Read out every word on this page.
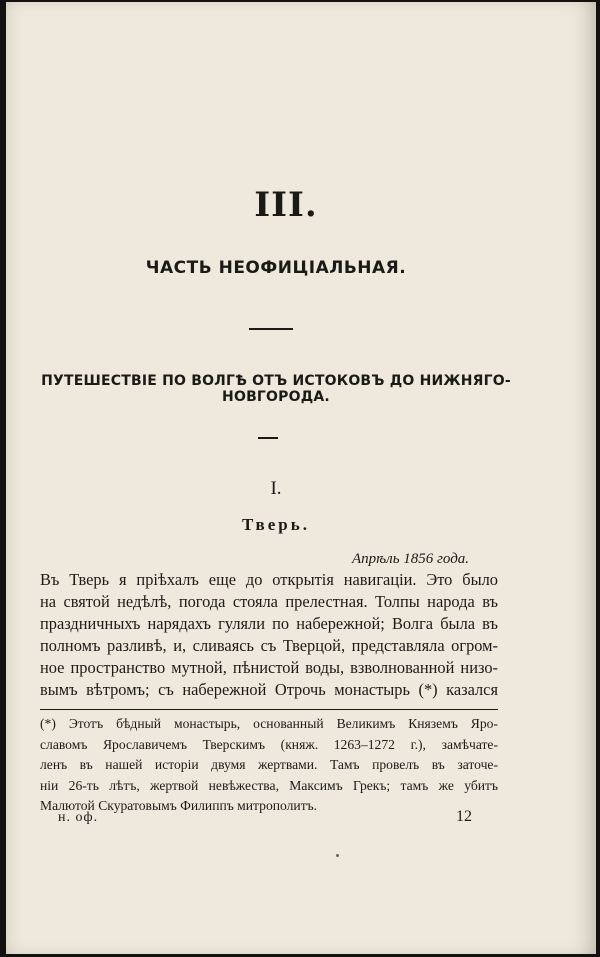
III.
ЧАСТЬ НЕОФИЦІАЛЬНАЯ.
ПУТЕШЕСТВІЕ ПО ВОЛГѢ ОТЪ ИСТОКОВЪ ДО НИЖНЯГО-НОВГОРОДА.
I.
Тверь.
Апрѣль 1856 года.
Въ Тверь я пріѣхалъ еще до открытія навигаціи. Это было
на святой недѣлѣ, погода стояла прелестная. Толпы народа въ
праздничныхъ нарядахъ гуляли по набережной; Волга была въ
полномъ разливѣ, и, сливаясь съ Тверцой, представляла огром-
ное пространство мутной, пѣнистой воды, взволнованной низо-
вымъ вѣтромъ; съ набережной Отрочь монастырь (*) казался
(*) Этотъ бѣдный монастырь, основанный Великимъ Княземъ Яро-
славомъ Ярославичемъ Тверскимъ (княж. 1263–1272 г.), замѣчате-
ленъ въ нашей исторіи двумя жертвами. Тамъ провелъ въ заточе-
ніи 26-ть лѣтъ, жертвой невѣжества, Максимъ Грекъ; тамъ же убитъ
Малютой Скуратовымъ Филиппъ митрополитъ.
н. оф.	12
